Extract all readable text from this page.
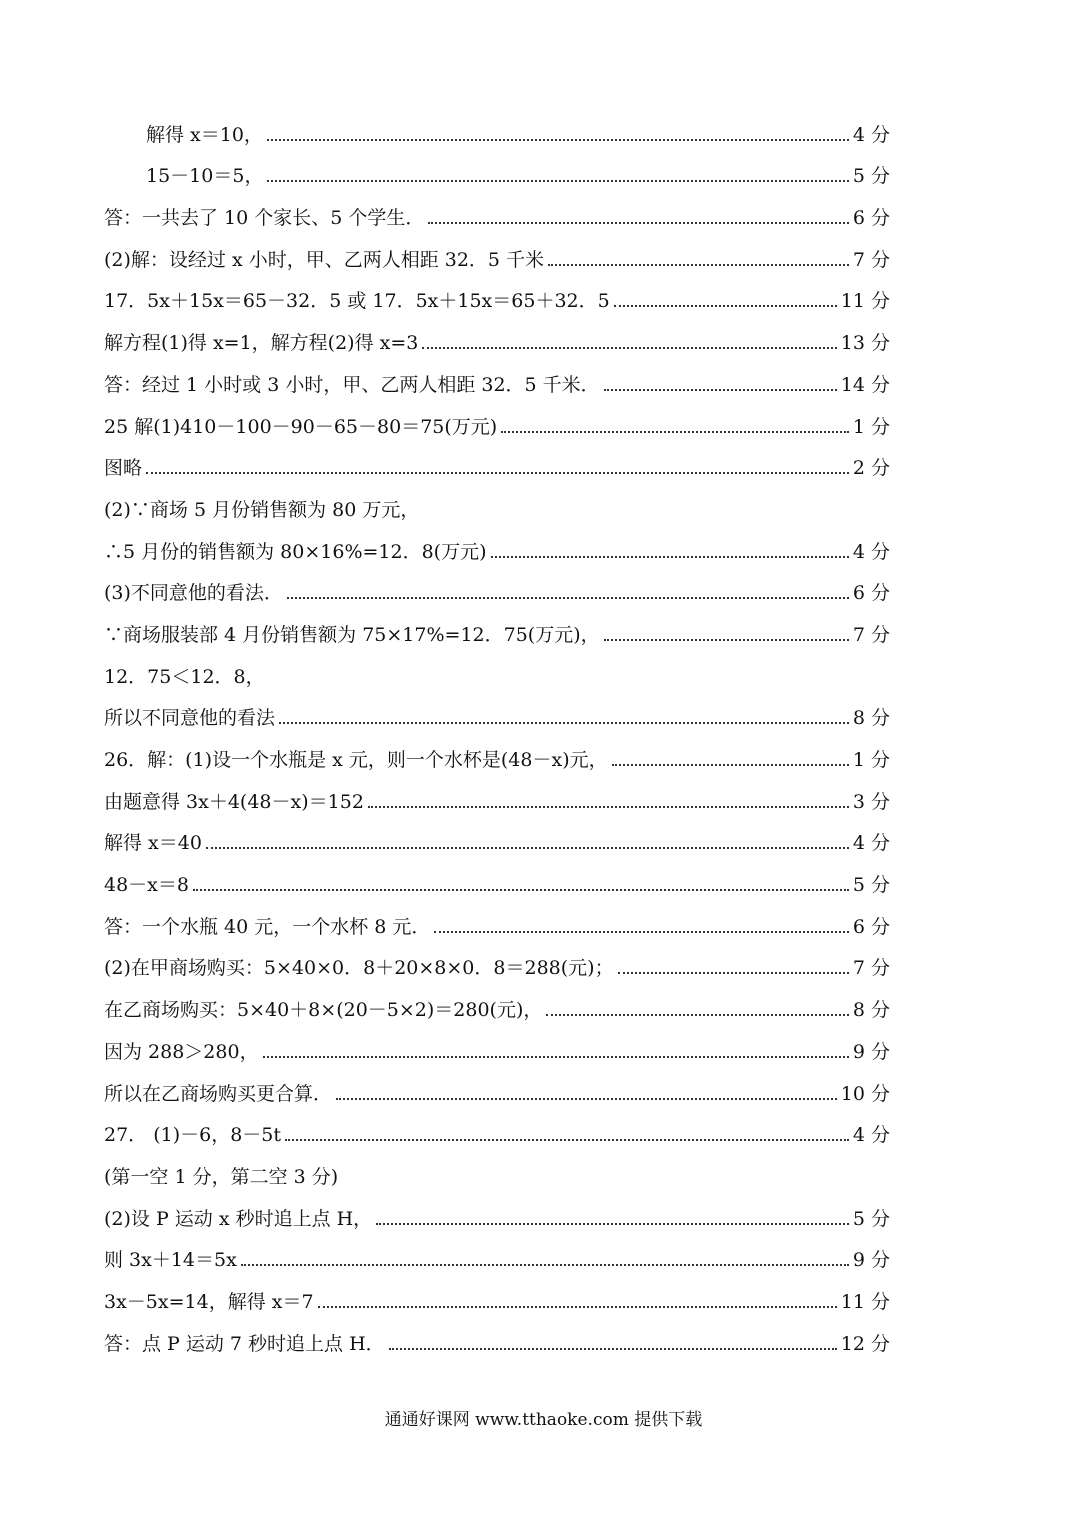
解得 x＝10，	4 分
15－10＝5，	5 分
答：一共去了 10 个家长、5 个学生．	6 分
(2)解：设经过 x 小时，甲、乙两人相距 32．5 千米	7 分
17．5x＋15x＝65－32．5 或 17．5x＋15x＝65＋32．5	11 分
解方程(1)得 x=1，解方程(2)得 x=3	13 分
答：经过 1 小时或 3 小时，甲、乙两人相距 32．5 千米．	14 分
25 解(1)410－100－90－65－80＝75(万元)	1 分
图略	2 分
(2)∵商场 5 月份销售额为 80 万元，
∴5 月份的销售额为 80×16%=12．8(万元)	4 分
(3)不同意他的看法．	6 分
∵商场服装部 4 月份销售额为 75×17%=12．75(万元)，	7 分
12．75＜12．8，
所以不同意他的看法	8 分
26．解：(1)设一个水瓶是 x 元，则一个水杯是(48－x)元，	1 分
由题意得 3x＋4(48－x)＝152	3 分
解得 x＝40	4 分
48－x＝8	5 分
答：一个水瓶 40 元，一个水杯 8 元．	6 分
(2)在甲商场购买：5×40×0．8＋20×8×0．8＝288(元)；	7 分
在乙商场购买：5×40＋8×(20－5×2)＝280(元)，	8 分
因为 288＞280，	9 分
所以在乙商场购买更合算．	10 分
27． (1)－6，8－5t	4 分
(第一空 1 分，第二空 3 分)
(2)设 P 运动 x 秒时追上点 H，	5 分
则 3x＋14＝5x	9 分
3x－5x=14，解得 x＝7	11 分
答：点 P 运动 7 秒时追上点 H．	12 分
通通好课网 www.tthaoke.com 提供下载
